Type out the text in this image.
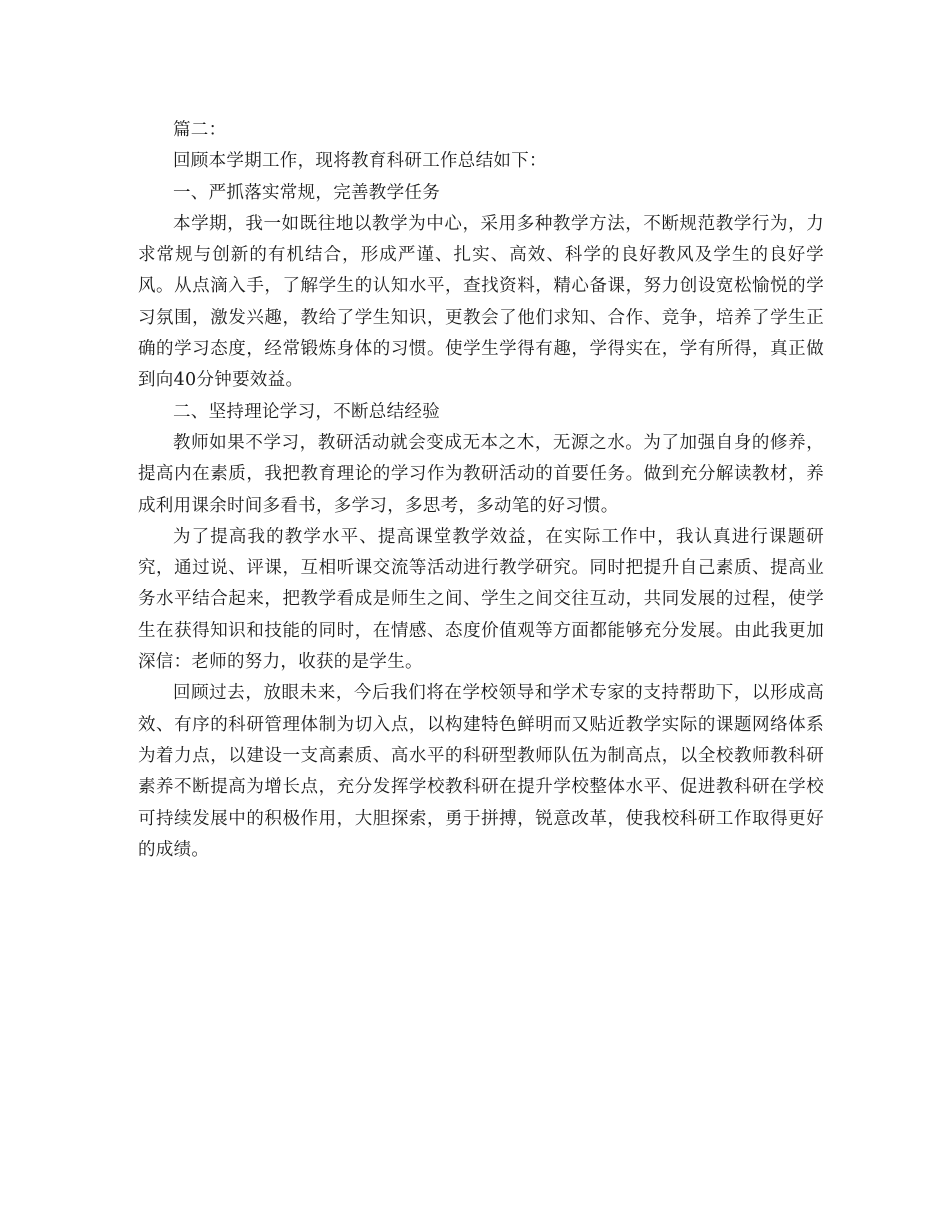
篇二：

回顾本学期工作，现将教育科研工作总结如下：

一、严抓落实常规，完善教学任务

本学期，我一如既往地以教学为中心，采用多种教学方法，不断规范教学行为，力求常规与创新的有机结合，形成严谨、扎实、高效、科学的良好教风及学生的良好学风。从点滴入手，了解学生的认知水平，查找资料，精心备课，努力创设宽松愉悦的学习氛围，激发兴趣，教给了学生知识，更教会了他们求知、合作、竞争，培养了学生正确的学习态度，经常锻炼身体的习惯。使学生学得有趣，学得实在，学有所得，真正做到向40分钟要效益。

二、坚持理论学习，不断总结经验

教师如果不学习，教研活动就会变成无本之木，无源之水。为了加强自身的修养，提高内在素质，我把教育理论的学习作为教研活动的首要任务。做到充分解读教材，养成利用课余时间多看书，多学习，多思考，多动笔的好习惯。

为了提高我的教学水平、提高课堂教学效益，在实际工作中，我认真进行课题研究，通过说、评课，互相听课交流等活动进行教学研究。同时把提升自己素质、提高业务水平结合起来，把教学看成是师生之间、学生之间交往互动，共同发展的过程，使学生在获得知识和技能的同时，在情感、态度价值观等方面都能够充分发展。由此我更加深信：老师的努力，收获的是学生。

回顾过去，放眼未来，今后我们将在学校领导和学术专家的支持帮助下，以形成高效、有序的科研管理体制为切入点，以构建特色鲜明而又贴近教学实际的课题网络体系为着力点，以建设一支高素质、高水平的科研型教师队伍为制高点，以全校教师教科研素养不断提高为增长点，充分发挥学校教科研在提升学校整体水平、促进教科研在学校可持续发展中的积极作用，大胆探索，勇于拼搏，锐意改革，使我校科研工作取得更好的成绩。
